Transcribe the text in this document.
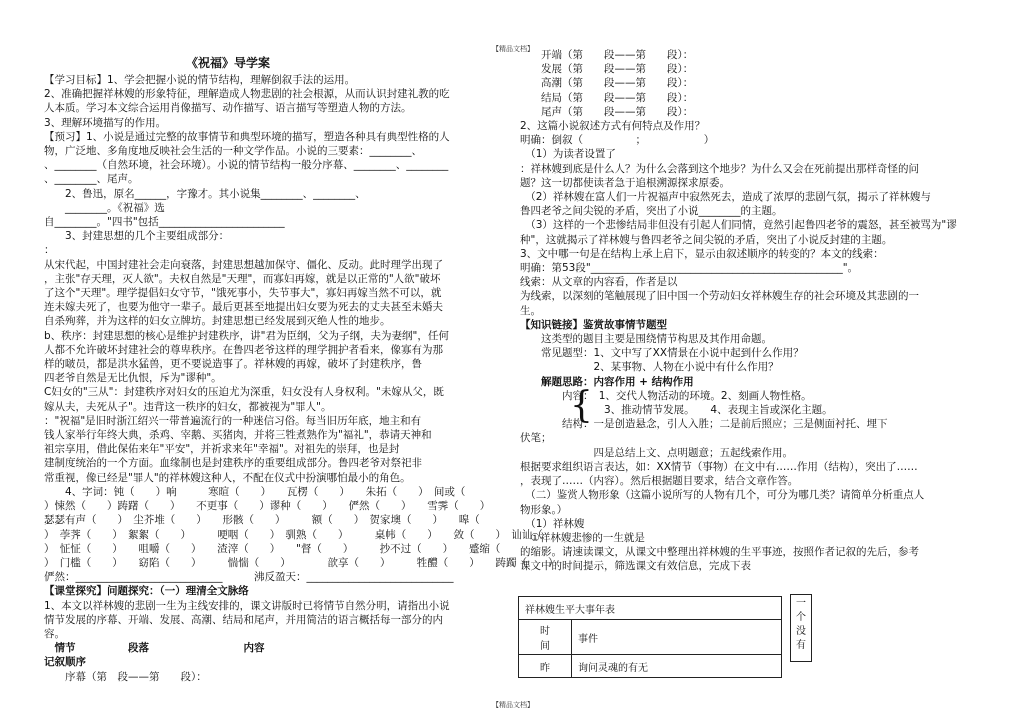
【精品文档】
《祝福》导学案

【学习目标】1、学会把握小说的情节结构，理解倒叙手法的运用。

2、准确把握祥林嫂的形象特征，理解造成人物悲剧的社会根源，从而认识封建礼教的吃

人本质。学习本文综合运用肖像描写、动作描写、语言描写等塑造人物的方法。

3、理解环境描写的作用。

【预习】1、小说是通过完整的故事情节和典型环境的描写，塑造各种具有典型性格的人

物，广泛地、多角度地反映社会生活的一种文学作品。小说的三要素：________、

、________（自然环境，社会环境）。小说的情节结构一般分序幕、________、________

、________、尾声。

　　2、鲁迅，原名______，字豫才。其小说集________、________、

　　________。《祝福》选

自________。"四书"包括________________________

　　3、封建思想的几个主要组成部分：

：

从宋代起，中国封建社会走向衰落，封建思想越加保守、僵化、反动。此时理学出现了

，主张"存天理，灭人欲"。夫权自然是"天理"，而寡妇再嫁，就是以正常的"人欲"破坏

了这个"天理"。理学提倡妇女守节，"饿死事小，失节事大"，寡妇再嫁当然不可以，就

连未嫁夫死了，也要为他守一辈子。最后更甚至地提出妇女要为死去的丈夫甚至未婚夫

自杀殉葬，并为这样的妇女立牌坊。封建思想已经发展到灭绝人性的地步。

b、秩序：封建思想的核心是维护封建秩序，讲"君为臣纲，父为子纲，夫为妻纲"，任何

人都不允许破坏封建社会的尊卑秩序。在鲁四老爷这样的理学拥护者看来，像寡有为那

样的啵员，都是洪水猛兽，更不要说造事了。祥林嫂的再嫁，破坏了封建秩序，鲁

四老爷自然是无比仇恨，斥为"谬种"。

C妇女的"三从"：封建秩序对妇女的压迫尤为深重，妇女没有人身权利。"未嫁从父，既

嫁从夫，夫死从子"。违背这一秩序的妇女，都被视为"罪人"。

："祝福"是旧时浙江绍兴一带普遍流行的一种迷信习俗。每当旧历年底，地主和有

钱人家举行年终大典，杀鸡、宰鹅、买猪肉，并将三牲煮熟作为"福礼"，恭请天神和

祖宗享用，借此保佑来年"平安"，并祈求来年"幸福"。对祖先的崇拜，也是封

建制度统治的一个方面。血缘制也是封建秩序的重要组成部分。鲁四老爷对祭祀非

常重视，像已经是"罪人"的祥林嫂这种人，不配在仪式中扮演哪怕最小的角色。

　　4、字词：钝（　　）响　　　寒暄（　　）　　瓦楞（　　）　　朱拓（　　）　间或（

）悚然（　　）踌躇（　　）　　不更事（　　）谬种（　　）　　俨然（　　）　　雪霁（　　）

瑟瑟有声（　　）　尘芥堆（　　）　　形骸（　　）　　　额（　　）　贺家墺（　　）　　嗥（

）　荸荠（　　）　絮絮（　　）　　　哽咽（　　）　驯熟（　　）　　　桌帏（　　）　　敛（　　）　讪讪（

）　怔怔（　　）　　咀嚼（　　）　　渣滓（　　）　　"督（　　）　　　抄不过（　　）　　蹙缩（

）　门槛（　　）　　窈陷（　　）　　　惴惴（　　）　　　　歆享（　　）　　　牲醴（　　）　　踌躅（　　）

俨然：____________________________　　　沸反盈天：____________________________

【课堂探究】问题探究：（一）理清全文脉络

1、本文以祥林嫂的悲剧一生为主线安排的，课文讲版时已将情节自然分明，请指出小说

情节发展的序幕、开端、发展、高潮、结局和尾声，并用简洁的语言概括每一部分的内

容。

　情节　　　　　段落　　　　　　　　　内容

记叙顺序

　　序幕（第　段——第　　段）：

　　开端（第　　段——第　　段）：

　　发展（第　　段——第　　段）：

　　高潮（第　　段——第　　段）：

　　结局（第　　段——第　　段）：

　　尾声（第　　段——第　　段）：

2、这篇小说叙述方式有何特点及作用？

明确：倒叙（　　　　　；　　　　　　）

　（1）为读者设置了

：祥林嫂到底是什么人？为什么会落到这个地步？为什么又会在死前提出那样奇怪的问

题？这一切都使读者急于追根溯源探求原委。

　（2）祥林嫂在富人们一片祝福声中寂然死去，造成了浓厚的悲剧气氛，揭示了祥林嫂与

鲁四老爷之间尖锐的矛盾，突出了小说________的主题。

　（3）这样的一个悲惨结局非但没有引起人们同情，竟然引起鲁四老爷的震怒，甚至被骂为"谬

种"，这就揭示了祥林嫂与鲁四老爷之间尖锐的矛盾，突出了小说反封建的主题。

3、文中哪一句是在结构上承上启下，显示由叙述顺序的转变的？本文的线索：

明确：第53段"________________________________________________"。

线索：从文章的内容看，作者是以

为线索，以深刻的笔触展现了旧中国一个劳动妇女祥林嫂生存的社会环境及其悲剧的一

生。

【知识链接】鉴赏故事情节题型

　　这类型的题目主要是围绕情节构思及其作用命题。

　　常见题型：1、文中写了XX情景在小说中起到什么作用？

　　　　　　　2、某事物、人物在小说中有什么作用？

　　解题思路：内容作用 + 结构作用

　　　　内容：　1、交代人物活动的环境。2、刻画人物性格。

　　　　　　　　3、推动情节发展。　　4、表现主旨或深化主题。

　　　　结构：一是创造悬念，引人入胜；二是前后照应；三是侧面衬托、埋下

伏笔；

　　　　　　　四是总结上文、点明题意；五起线索作用。

根据要求组织语言表达，如：XX情节（事物）在文中有……作用（结构），突出了……

，表现了……（内容）。然后根据题目要求，结合文章作答。

　（二）鉴赏人物形象（这篇小说所写的人物有几个，可分为哪几类？请简单分析重点人

物形象。）

　（1）祥林嫂

　①祥林嫂悲惨的一生就是

的缩影。请速读课文，从课文中整理出祥林嫂的生平事迹，按照作者记叙的先后，参考

课文中的时间提示，筛选课文有效信息，完成下表

{
祥林嫂生平大事年表	
时
间	事件
昨	询问灵魂的有无
一个没有
【精品文档】
